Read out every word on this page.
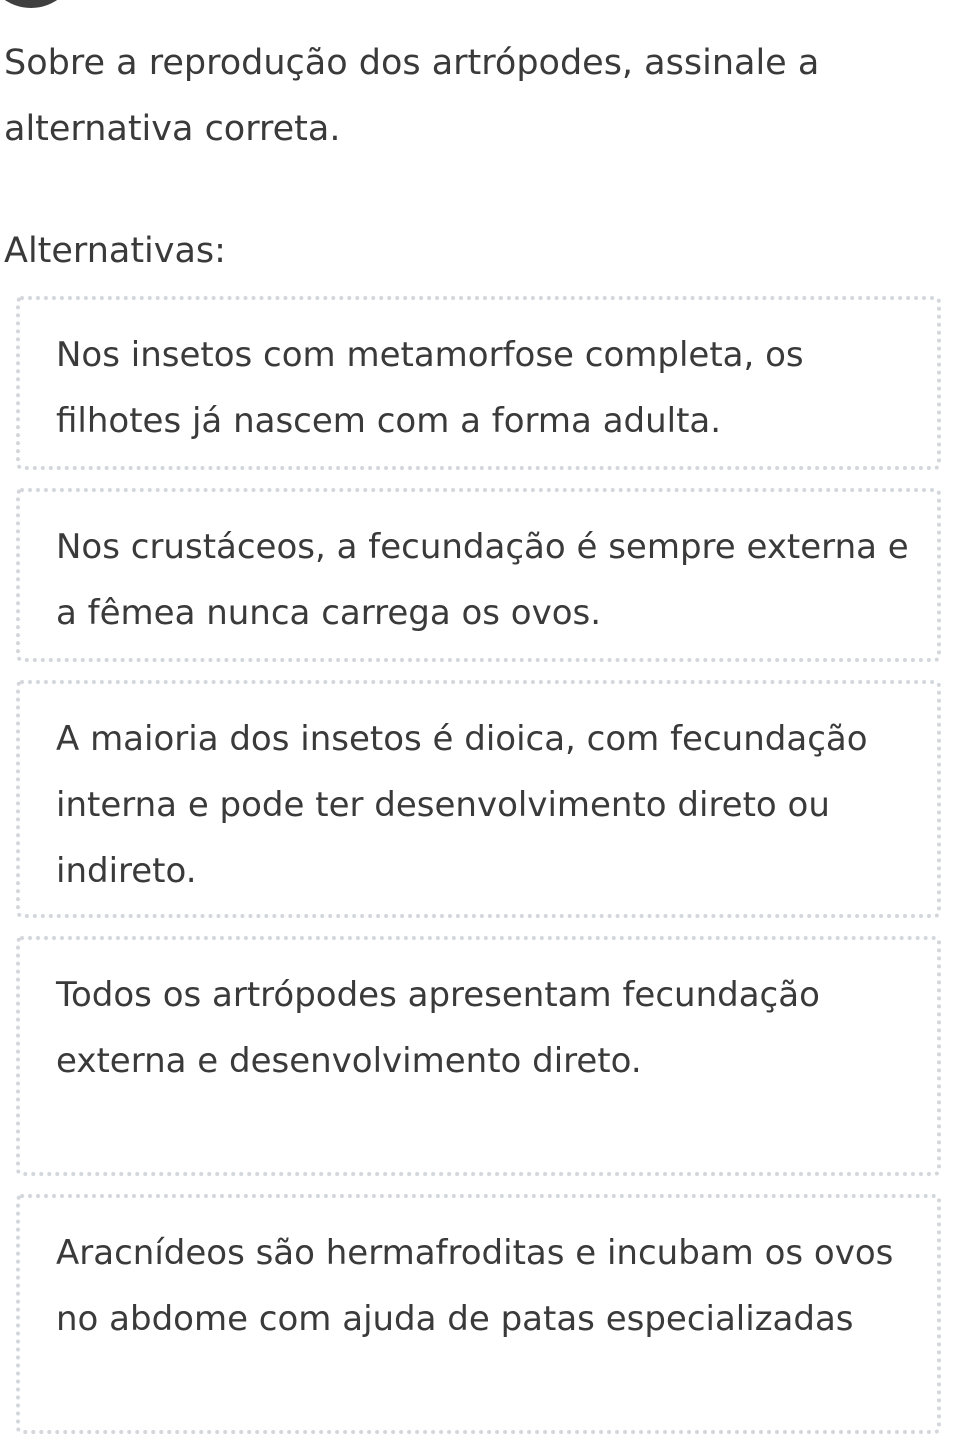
Sobre a reprodução dos artrópodes, assinale a alternativa correta.

Alternativas:

Nos insetos com metamorfose completa, os filhotes já nascem com a forma adulta.
Nos crustáceos, a fecundação é sempre externa e a fêmea nunca carrega os ovos.
A maioria dos insetos é dioica, com fecundação interna e pode ter desenvolvimento direto ou indireto.
Todos os artrópodes apresentam fecundação externa e desenvolvimento direto.
Aracnídeos são hermafroditas e incubam os ovos no abdome com ajuda de patas especializadas
